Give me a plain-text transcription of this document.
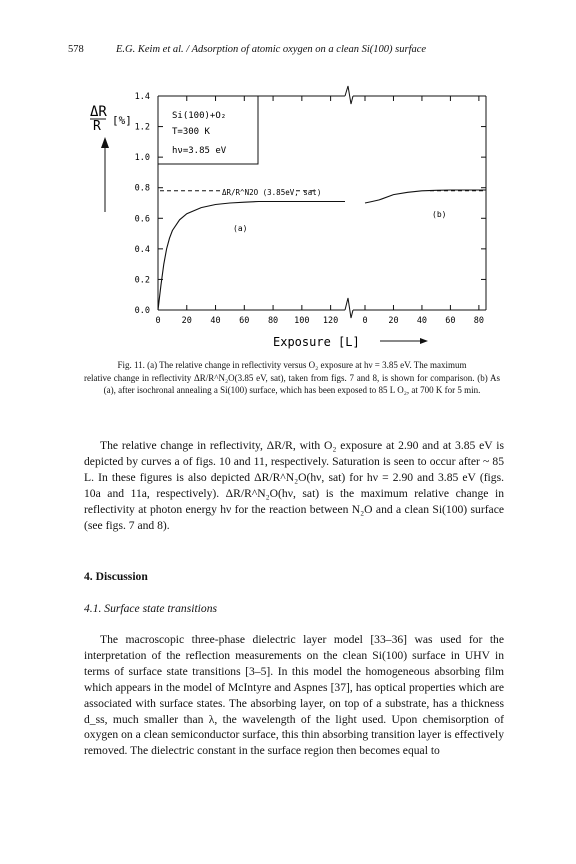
578	E.G. Keim et al. / Adsorption of atomic oxygen on a clean Si(100) surface
ΔR
R [%]
0.0
0.2
0.4
0.6
0.8
1.0
1.2
1.4
0 20 40 60 80 100 120	0 20 40 60 80
Si(100)+O₂
T=300 K
hν=3.85 eV
ΔR/R^N2O (3.85eV, sat)
(a)
(b)
Exposure [L]
Fig. 11. (a) The relative change in reflectivity versus O₂ exposure at hν = 3.85 eV. The maximum
relative change in reflectivity ΔR/R^N₂O(3.85 eV, sat), taken from figs. 7 and 8, is shown for comparison. (b) As (a), after isochronal annealing a Si(100) surface, which has been exposed to 85 L O₂, at 700 K for 5 min.

The relative change in reflectivity, ΔR/R, with O₂ exposure at 2.90 and at 3.85 eV is depicted by curves a of figs. 10 and 11, respectively. Saturation is seen to occur after ~ 85 L. In these figures is also depicted ΔR/R^N₂O(hν, sat) for hν = 2.90 and 3.85 eV (figs. 10a and 11a, respectively). ΔR/R^N₂O(hν, sat) is the maximum relative change in reflectivity at photon energy hν for the reaction between N₂O and a clean Si(100) surface (see figs. 7 and 8).

4. Discussion
4.1. Surface state transitions

The macroscopic three-phase dielectric layer model [33–36] was used for the interpretation of the reflection measurements on the clean Si(100) surface in UHV in terms of surface state transitions [3–5]. In this model the homogeneous absorbing film which appears in the model of McIntyre and Aspnes [37], has optical properties which are associated with surface states. The absorbing layer, on top of a substrate, has a thickness d_ss, much smaller than λ, the wavelength of the light used. Upon chemisorption of oxygen on a clean semiconductor surface, this thin absorbing transition layer is effectively removed. The dielectric constant in the surface region then becomes equal to
